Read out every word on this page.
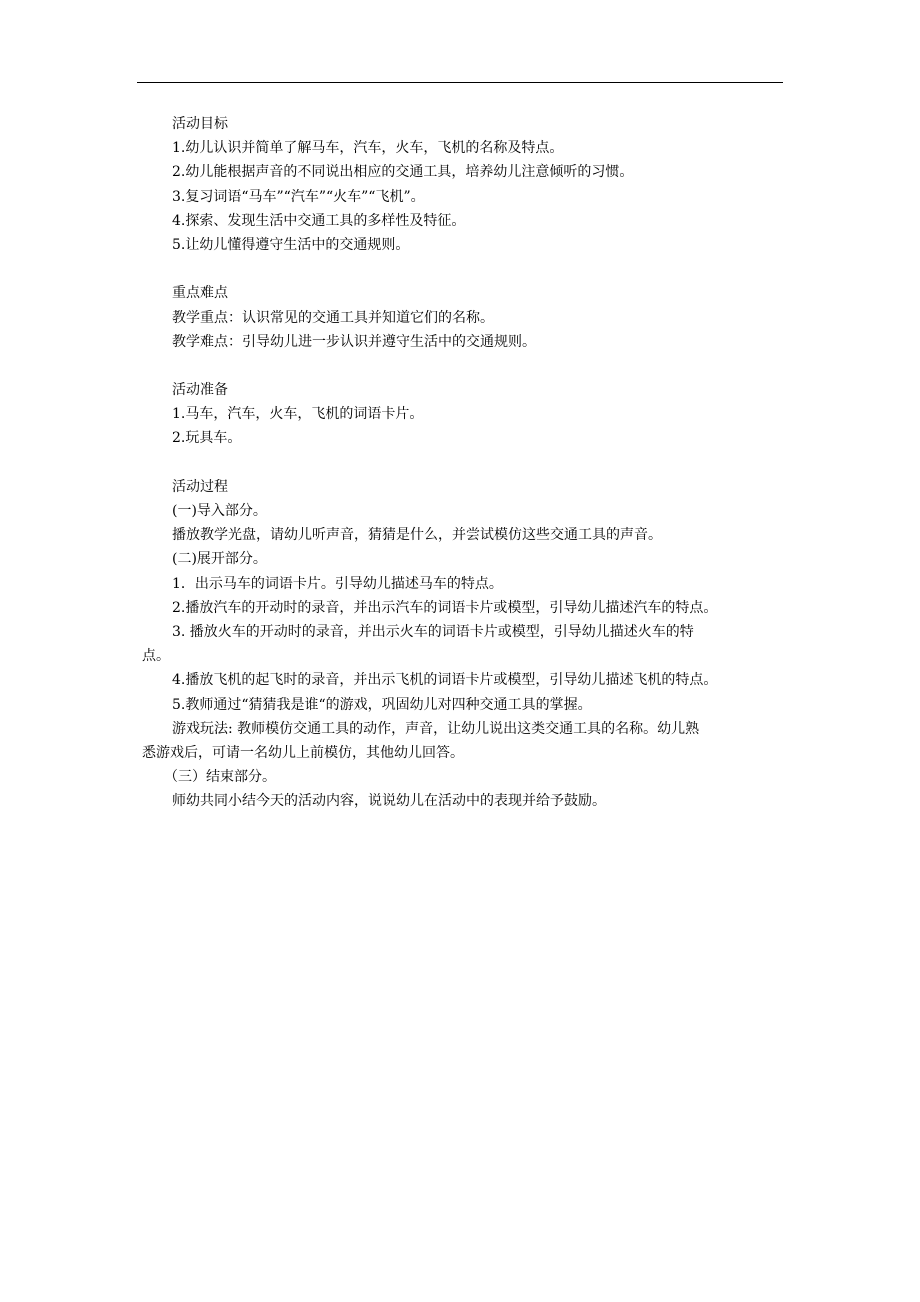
活动目标
1.幼儿认识并简单了解马车，汽车，火车，飞机的名称及特点。
2.幼儿能根据声音的不同说出相应的交通工具，培养幼儿注意倾听的习惯。
3.复习词语“马车”“汽车”“火车”“飞机”。
4.探索、发现生活中交通工具的多样性及特征。
5.让幼儿懂得遵守生活中的交通规则。
重点难点
教学重点：认识常见的交通工具并知道它们的名称。
教学难点：引导幼儿进一步认识并遵守生活中的交通规则。
活动准备
1.马车，汽车，火车，飞机的词语卡片。
2.玩具车。
活动过程
(一)导入部分。
播放教学光盘，请幼儿听声音，猜猜是什么，并尝试模仿这些交通工具的声音。
(二)展开部分。
1．出示马车的词语卡片。引导幼儿描述马车的特点。
2.播放汽车的开动时的录音，并出示汽车的词语卡片或模型，引导幼儿描述汽车的特点。
3. 播放火车的开动时的录音，并出示火车的词语卡片或模型，引导幼儿描述火车的特
点。
4.播放飞机的起飞时的录音，并出示飞机的词语卡片或模型，引导幼儿描述飞机的特点。
5.教师通过“猜猜我是谁“的游戏，巩固幼儿对四种交通工具的掌握。
游戏玩法: 教师模仿交通工具的动作，声音，让幼儿说出这类交通工具的名称。幼儿熟
悉游戏后，可请一名幼儿上前模仿，其他幼儿回答。
（三）结束部分。
师幼共同小结今天的活动内容，说说幼儿在活动中的表现并给予鼓励。
